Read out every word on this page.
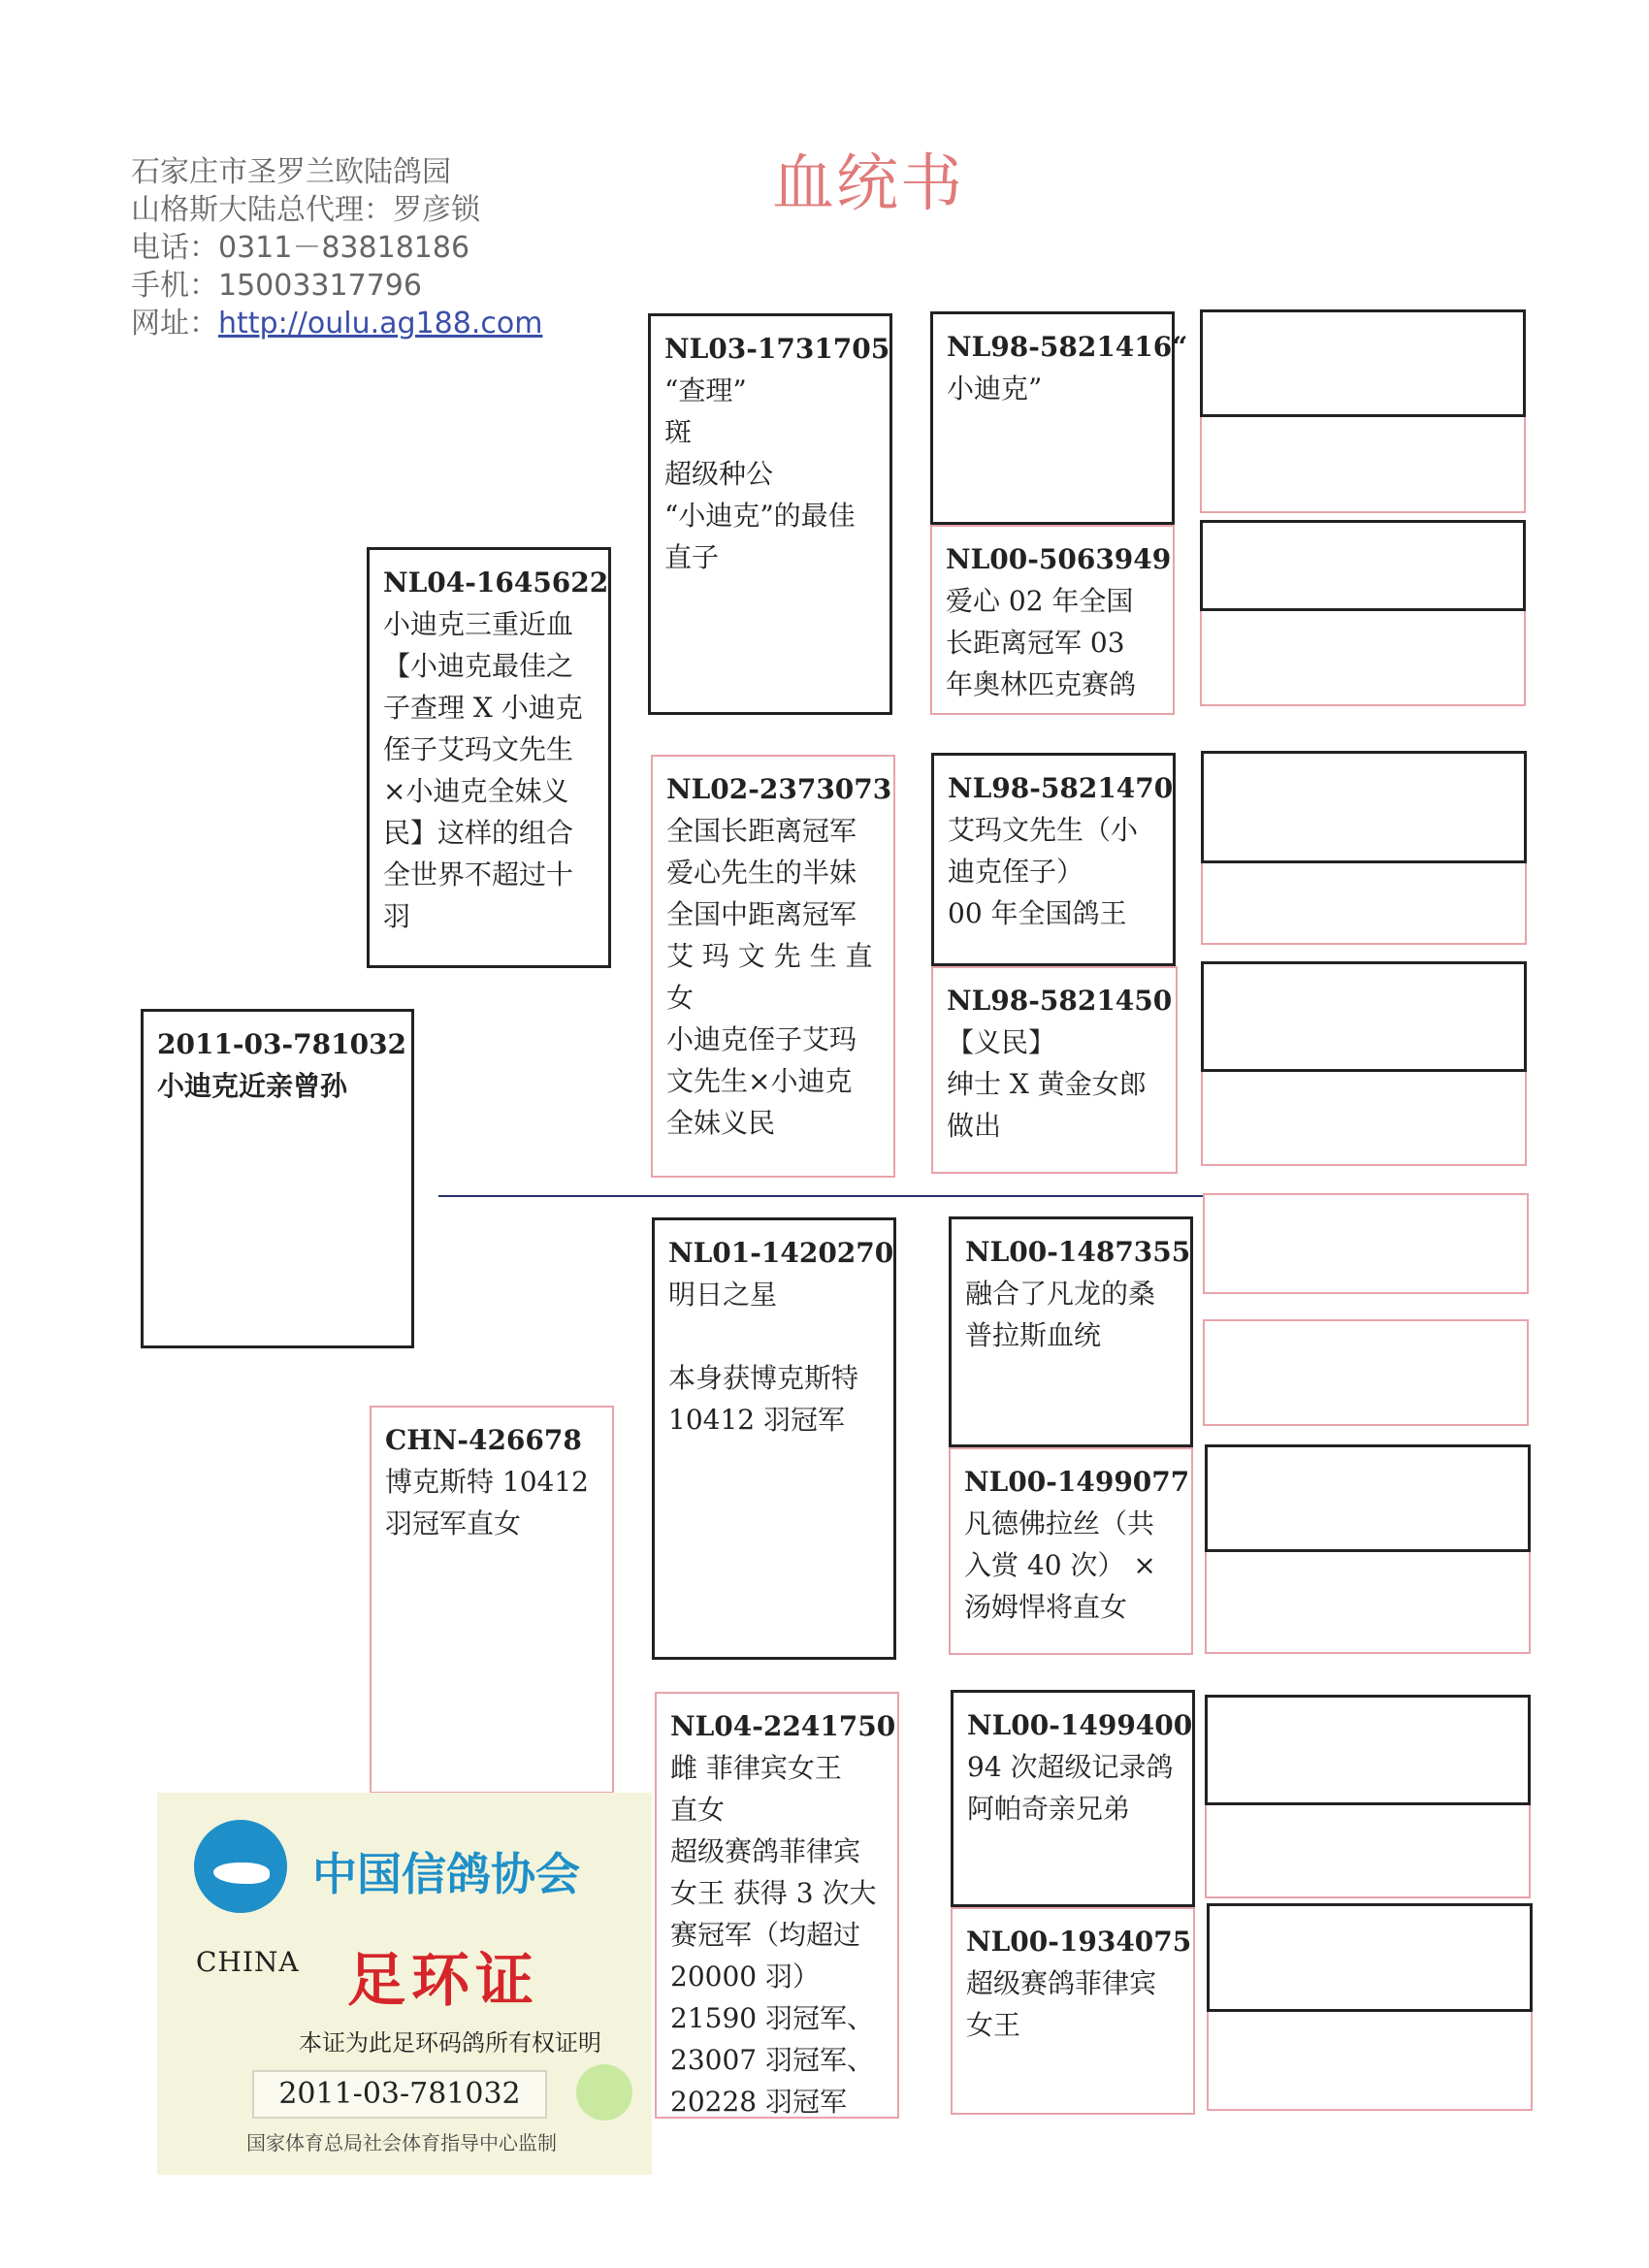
石家庄市圣罗兰欧陆鸽园
山格斯大陆总代理：罗彦锁
电话：0311－83818186
手机：15003317796
网址：http://oulu.ag188.com
血统书
2011-03-781032
小迪克近亲曾孙
NL04-1645622
小迪克三重近血
【小迪克最佳之
子查理 X 小迪克
侄子艾玛文先生
×小迪克全妹义
民】这样的组合
全世界不超过十
羽
CHN-426678
博克斯特 10412
羽冠军直女
NL03-1731705
“查理”
斑
超级种公
“小迪克”的最佳
直子
NL02-2373073
全国长距离冠军
爱心先生的半妹
全国中距离冠军
艾 玛 文 先 生 直
女
小迪克侄子艾玛
文先生×小迪克
全妹义民
NL01-1420270
明日之星
本身获博克斯特
10412 羽冠军
NL04-2241750
雌 菲律宾女王
直女
超级赛鸽菲律宾
女王 获得 3 次大
赛冠军（均超过
20000 羽）
21590 羽冠军、
23007 羽冠军、
20228 羽冠军
NL98-5821416“
小迪克”
NL00-5063949
爱心 02 年全国
长距离冠军 03
年奥林匹克赛鸽
NL98-5821470
艾玛文先生（小
迪克侄子）
00 年全国鸽王
NL98-5821450
【义民】
绅士 X 黄金女郎
做出
NL00-1487355
融合了凡龙的桑
普拉斯血统
NL00-1499077
凡德佛拉丝（共
入赏 40 次） ×
汤姆悍将直女
NL00-1499400
94 次超级记录鸽
阿帕奇亲兄弟
NL00-1934075
超级赛鸽菲律宾
女王
中国信鸽协会
CHINA 足环证
本证为此足环码鸽所有权证明
2011-03-781032
国家体育总局社会体育指导中心监制
